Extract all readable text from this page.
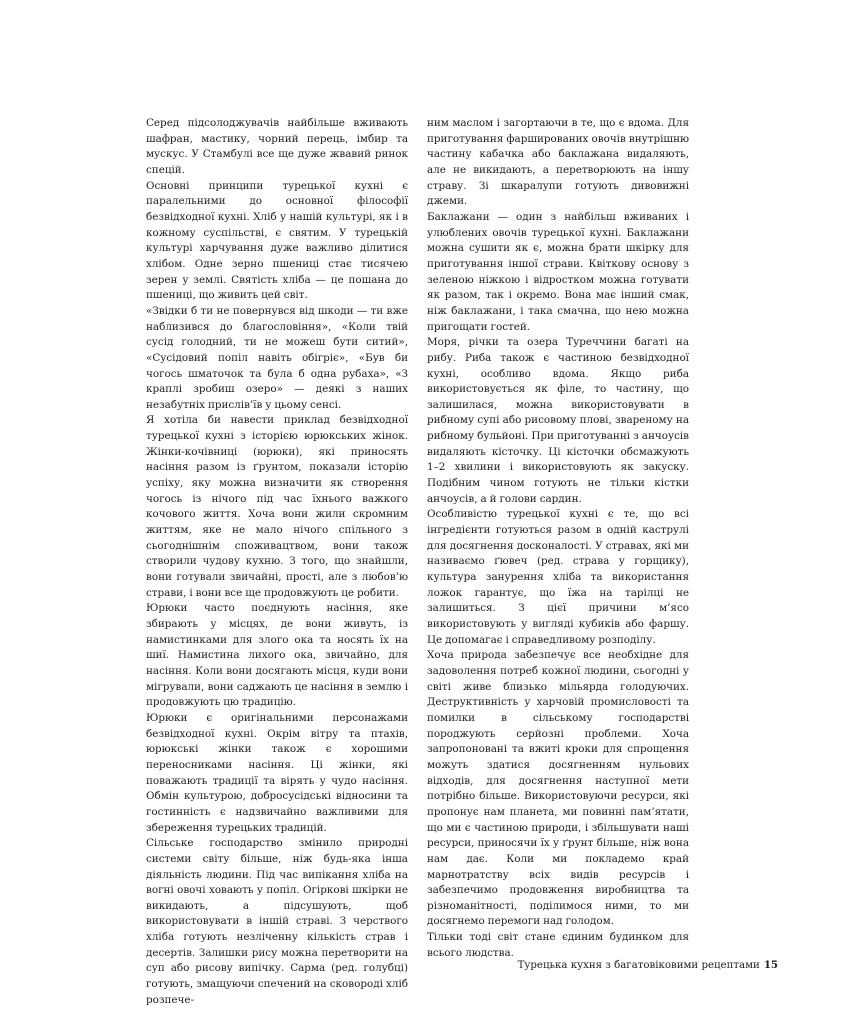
Серед підсолоджувачів найбільше вживають шафран, мастику, чорний перець, імбир та мускус. У Стамбулі все ще дуже жвавий ринок спецій.

Основні принципи турецької кухні є паралельними до основної філософії безвідходної кухні. Хліб у нашій культурі, як і в кожному суспільстві, є святим. У турецькій культурі харчування дуже важливо ділитися хлібом. Одне зерно пшениці стає тисячею зерен у землі. Святість хліба — це пошана до пшениці, що живить цей світ.

«Звідки б ти не повернувся від шкоди — ти вже наблизився до благословіння», «Коли твій сусід голодний, ти не можеш бути ситий», «Сусідовий попіл навіть обігріє», «Був би чогось шматочок та була б одна рубаха», «З краплі зробиш озеро» — деякі з наших незабутніх прислів’їв у цьому сенсі.

Я хотіла би навести приклад безвідходної турецької кухні з історією юрюкських жінок. Жінки-кочівниці (юрюки), які приносять насіння разом із ґрунтом, показали історію успіху, яку можна визначити як створення чогось із нічого під час їхнього важкого кочового життя. Хоча вони жили скромним життям, яке не мало нічого спільного з сьогоднішнім споживацтвом, вони також створили чудову кухню. З того, що знайшли, вони готували звичайні, прості, але з любов’ю страви, і вони все ще продовжують це робити.

Юрюки часто поєднують насіння, яке збирають у місцях, де вони живуть, із намистинками для злого ока та носять їх на шиї. Намистина лихого ока, звичайно, для насіння. Коли вони досягають місця, куди вони мігрували, вони саджають це насіння в землю і продовжують цю традицію.

Юрюки є оригінальними персонажами безвідходної кухні. Окрім вітру та птахів, юрюкські жінки також є хорошими переносниками насіння. Ці жінки, які поважають традиції та вірять у чудо насіння. Обмін культурою, добросусідські відносини та гостинність є надзвичайно важливими для збереження турецьких традицій.

Сільське господарство змінило природні системи світу більше, ніж будь-яка інша діяльність людини. Під час випікання хліба на вогні овочі ховають у попіл. Огіркові шкірки не викидають, а підсушують, щоб використовувати в іншій страві. З черствого хліба готують незліченну кількість страв і десертів. Залишки рису можна перетворити на суп або рисову випічку. Сарма (ред. голубці) готують, змащуючи спечений на сковороді хліб розпече-

ним маслом і загортаючи в те, що є вдома. Для приготування фаршированих овочів внутрішню частину кабачка або баклажана видаляють, але не викидають, а перетворюють на іншу страву. Зі шкаралупи готують дивовижні джеми.

Баклажани — один з найбільш вживаних і улюблених овочів турецької кухні. Баклажани можна сушити як є, можна брати шкірку для приготування іншої страви. Квіткову основу з зеленою ніжкою і відростком можна готувати як разом, так і окремо. Вона має інший смак, ніж баклажани, і така смачна, що нею можна пригощати гостей.

Моря, річки та озера Туреччини багаті на рибу. Риба також є частиною безвідходної кухні, особливо вдома. Якщо риба використовується як філе, то частину, що залишилася, можна використовувати в рибному супі або рисовому плові, звареному на рибному бульйоні. При приготуванні з анчоусів видаляють кісточку. Ці кісточки обсмажують 1–2 хвилини і використовують як закуску. Подібним чином готують не тільки кістки анчоусів, а й голови сардин.

Особливістю турецької кухні є те, що всі інгредієнти готуються разом в одній каструлі для досягнення досконалості. У стравах, які ми називаємо ґювеч (ред. страва у горщику), культура занурення хліба та використання ложок гарантує, що їжа на тарілці не залишиться. З цієї причини м’ясо використовують у вигляді кубиків або фаршу. Це допомагає і справедливому розподілу.

Хоча природа забезпечує все необхідне для задоволення потреб кожної людини, сьогодні у світі живе близько мільярда голодуючих. Деструктивність у харчовій промисловості та помилки в сільському господарстві породжують серйозні проблеми. Хоча запропоновані та вжиті кроки для спрощення можуть здатися досягненням нульових відходів, для досягнення наступної мети потрібно більше. Використовуючи ресурси, які пропонує нам планета, ми повинні пам’ятати, що ми є частиною природи, і збільшувати наші ресурси, приносячи їх у ґрунт більше, ніж вона нам дає. Коли ми покладемо край марнотратству всіх видів ресурсів і забезпечимо продовження виробництва та різноманітності, поділимося ними, то ми досягнемо перемоги над голодом.

Тільки тоді світ стане єдиним будинком для всього людства.

Турецька кухня з багатовіковими рецептами 15
